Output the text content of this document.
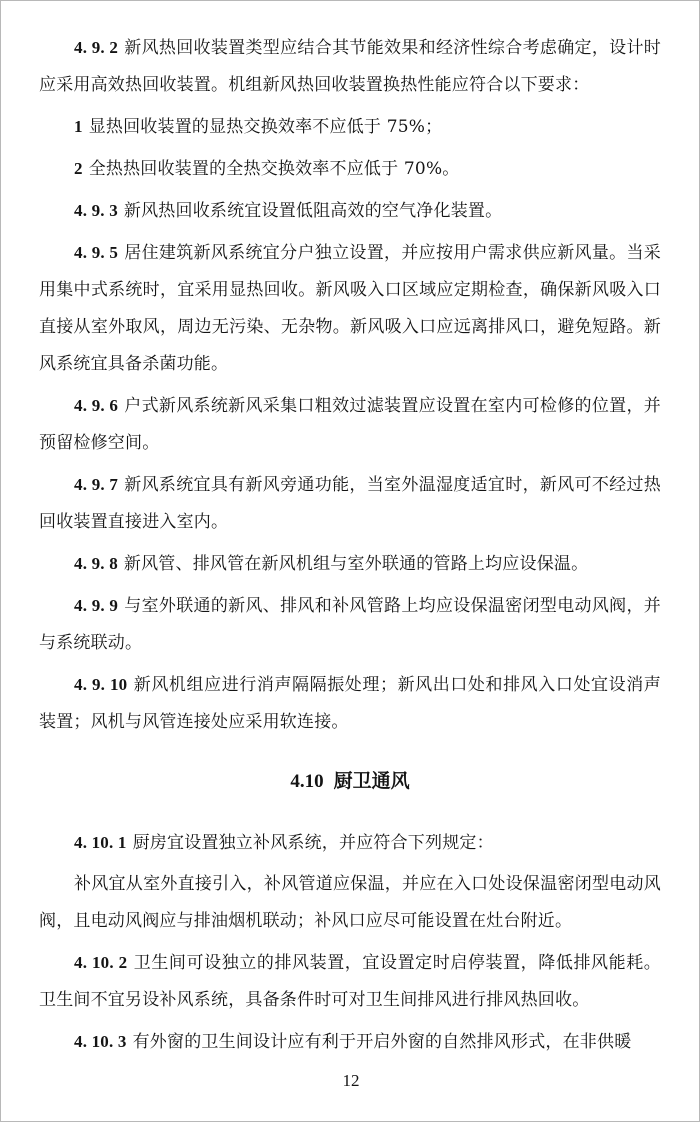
4. 9. 2 新风热回收装置类型应结合其节能效果和经济性综合考虑确定，设计时应采用高效热回收装置。机组新风热回收装置换热性能应符合以下要求：

1 显热回收装置的显热交换效率不应低于 75%；

2 全热热回收装置的全热交换效率不应低于 70%。

4. 9. 3 新风热回收系统宜设置低阻高效的空气净化装置。

4. 9. 5 居住建筑新风系统宜分户独立设置，并应按用户需求供应新风量。当采用集中式系统时，宜采用显热回收。新风吸入口区域应定期检查，确保新风吸入口直接从室外取风，周边无污染、无杂物。新风吸入口应远离排风口，避免短路。新风系统宜具备杀菌功能。

4. 9. 6 户式新风系统新风采集口粗效过滤装置应设置在室内可检修的位置，并预留检修空间。

4. 9. 7 新风系统宜具有新风旁通功能，当室外温湿度适宜时，新风可不经过热回收装置直接进入室内。

4. 9. 8 新风管、排风管在新风机组与室外联通的管路上均应设保温。

4. 9. 9 与室外联通的新风、排风和补风管路上均应设保温密闭型电动风阀，并与系统联动。

4. 9. 10 新风机组应进行消声隔隔振处理；新风出口处和排风入口处宜设消声装置；风机与风管连接处应采用软连接。

4.10 厨卫通风

4. 10. 1 厨房宜设置独立补风系统，并应符合下列规定：

补风宜从室外直接引入，补风管道应保温，并应在入口处设保温密闭型电动风阀，且电动风阀应与排油烟机联动；补风口应尽可能设置在灶台附近。

4. 10. 2 卫生间可设独立的排风装置，宜设置定时启停装置，降低排风能耗。卫生间不宜另设补风系统，具备条件时可对卫生间排风进行排风热回收。

4. 10. 3 有外窗的卫生间设计应有利于开启外窗的自然排风形式，在非供暖

12
